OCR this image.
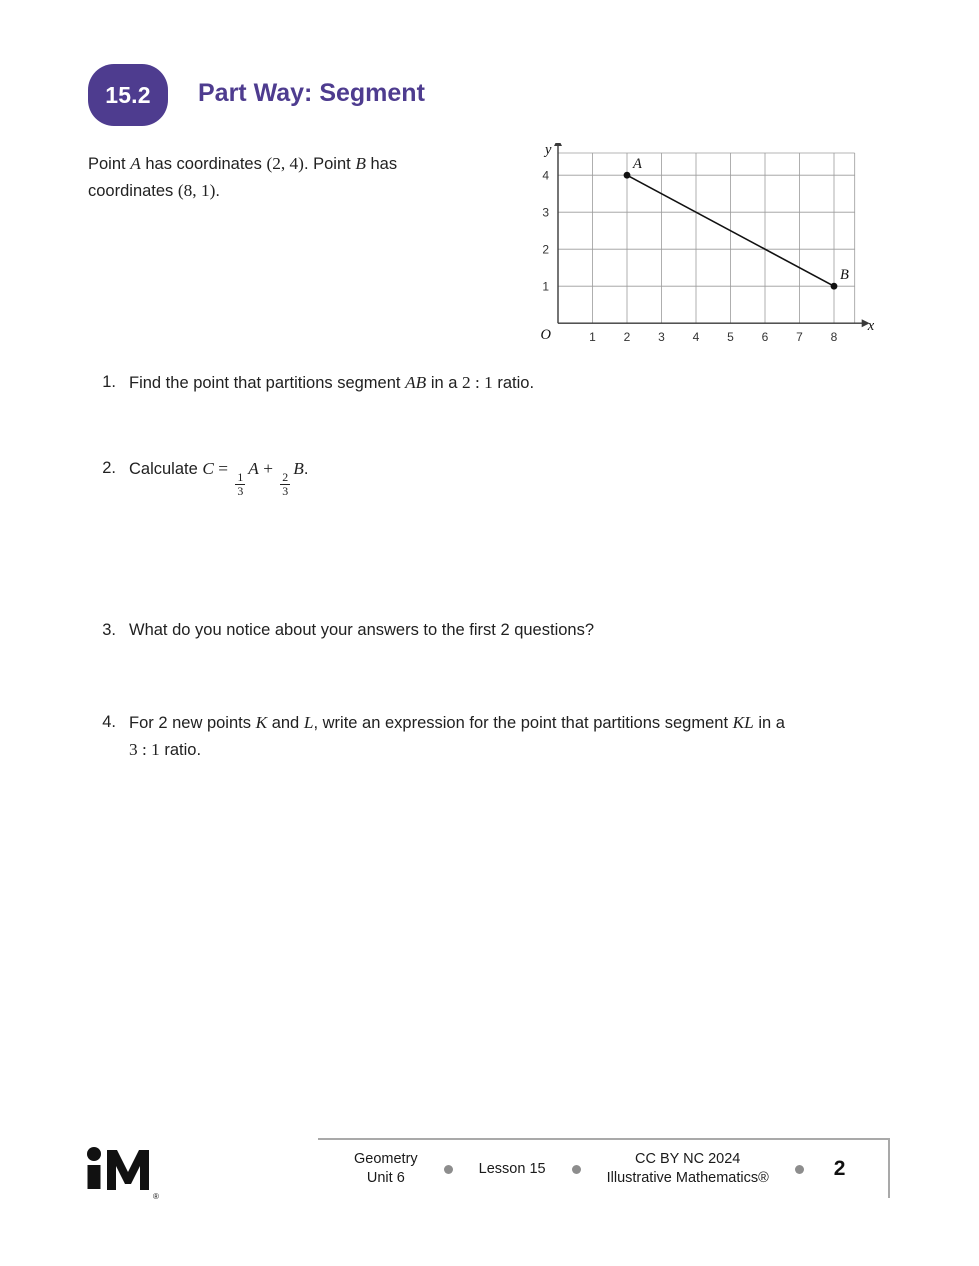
15.2 Part Way: Segment

Point A has coordinates (2, 4). Point B has
coordinates (8, 1).

1 2 3 4 5 6 7 8
1
2
3
4
y
x
O
A
B
1. Find the point that partitions segment AB in a 2 : 1 ratio.
2. Calculate C =
$\frac{1}{3}$
A +
$\frac{2}{3}$
B.
3. What do you notice about your answers to the first 2 questions?
4. For 2 new points K and L, write an expression for the point that partitions segment KL in a
3 : 1 ratio.
®
Geometry
Unit 6
Lesson 15
CC BY NC 2024
Illustrative Mathematics®	2
